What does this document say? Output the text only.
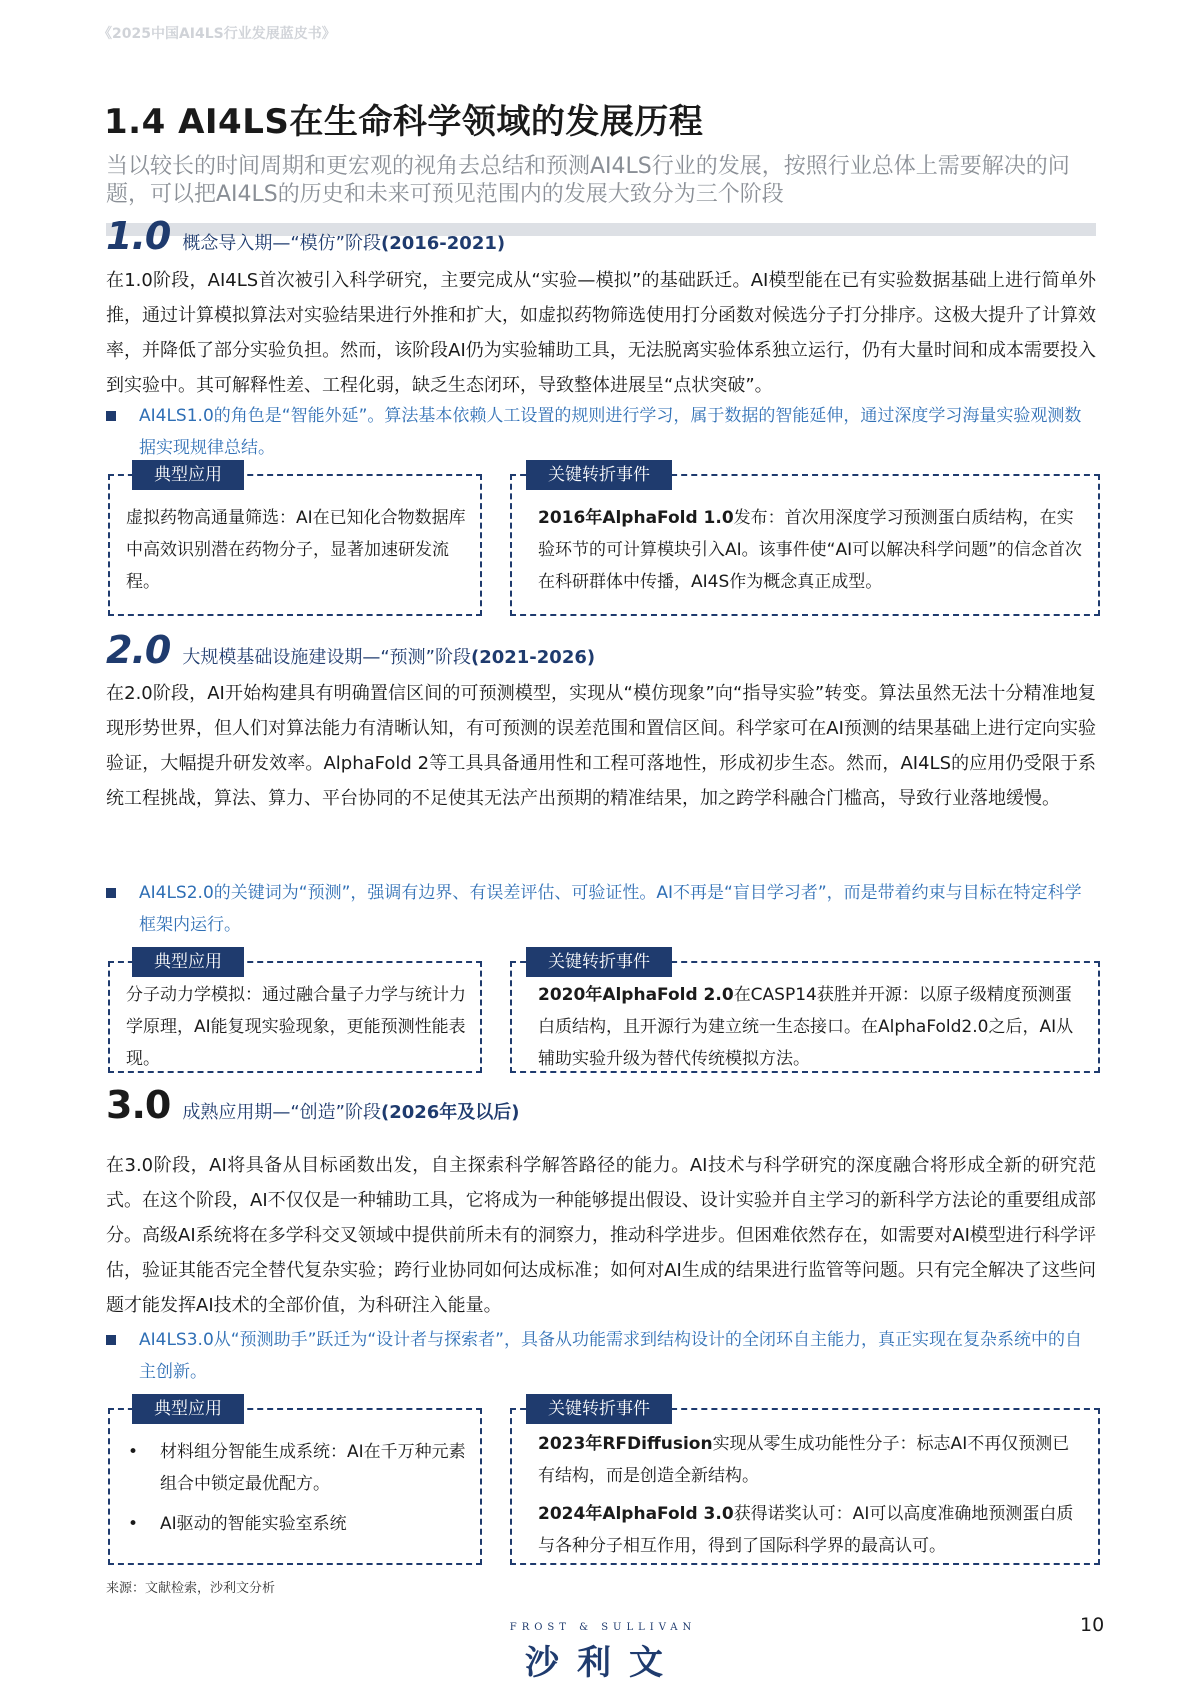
《2025中国AI4LS行业发展蓝皮书》
1.4 AI4LS在生命科学领域的发展历程
当以较长的时间周期和更宏观的视角去总结和预测AI4LS行业的发展，按照行业总体上需要解决的问题，可以把AI4LS的历史和未来可预见范围内的发展大致分为三个阶段
1.0 概念导入期—“模仿”阶段(2016-2021)
在1.0阶段，AI4LS首次被引入科学研究，主要完成从“实验—模拟”的基础跃迁。AI模型能在已有实验数据基础上进行简单外推，通过计算模拟算法对实验结果进行外推和扩大，如虚拟药物筛选使用打分函数对候选分子打分排序。这极大提升了计算效率，并降低了部分实验负担。然而，该阶段AI仍为实验辅助工具，无法脱离实验体系独立运行，仍有大量时间和成本需要投入到实验中。其可解释性差、工程化弱，缺乏生态闭环，导致整体进展呈“点状突破”。
AI4LS1.0的角色是“智能外延”。算法基本依赖人工设置的规则进行学习，属于数据的智能延伸，通过深度学习海量实验观测数据实现规律总结。
典型应用
虚拟药物高通量筛选：AI在已知化合物数据库中高效识别潜在药物分子，显著加速研发流程。
关键转折事件
2016年AlphaFold 1.0发布：首次用深度学习预测蛋白质结构，在实验环节的可计算模块引入AI。该事件使“AI可以解决科学问题”的信念首次在科研群体中传播，AI4S作为概念真正成型。
2.0 大规模基础设施建设期—“预测”阶段(2021-2026)
在2.0阶段，AI开始构建具有明确置信区间的可预测模型，实现从“模仿现象”向“指导实验”转变。算法虽然无法十分精准地复现形势世界，但人们对算法能力有清晰认知，有可预测的误差范围和置信区间。科学家可在AI预测的结果基础上进行定向实验验证，大幅提升研发效率。AlphaFold 2等工具具备通用性和工程可落地性，形成初步生态。然而，AI4LS的应用仍受限于系统工程挑战，算法、算力、平台协同的不足使其无法产出预期的精准结果，加之跨学科融合门槛高，导致行业落地缓慢。
AI4LS2.0的关键词为“预测”，强调有边界、有误差评估、可验证性。AI不再是“盲目学习者”，而是带着约束与目标在特定科学框架内运行。
典型应用
分子动力学模拟：通过融合量子力学与统计力学原理，AI能复现实验现象，更能预测性能表现。
关键转折事件
2020年AlphaFold 2.0在CASP14获胜并开源：以原子级精度预测蛋白质结构，且开源行为建立统一生态接口。在AlphaFold2.0之后，AI从辅助实验升级为替代传统模拟方法。
3.0 成熟应用期—“创造”阶段(2026年及以后)
在3.0阶段，AI将具备从目标函数出发，自主探索科学解答路径的能力。AI技术与科学研究的深度融合将形成全新的研究范式。在这个阶段，AI不仅仅是一种辅助工具，它将成为一种能够提出假设、设计实验并自主学习的新科学方法论的重要组成部分。高级AI系统将在多学科交叉领域中提供前所未有的洞察力，推动科学进步。但困难依然存在，如需要对AI模型进行科学评估，验证其能否完全替代复杂实验；跨行业协同如何达成标准；如何对AI生成的结果进行监管等问题。只有完全解决了这些问题才能发挥AI技术的全部价值，为科研注入能量。
AI4LS3.0从“预测助手”跃迁为“设计者与探索者”，具备从功能需求到结构设计的全闭环自主能力，真正实现在复杂系统中的自主创新。
典型应用
• 材料组分智能生成系统：AI在千万种元素组合中锁定最优配方。
• AI驱动的智能实验室系统
关键转折事件
2023年RFDiffusion实现从零生成功能性分子：标志AI不再仅预测已有结构，而是创造全新结构。
2024年AlphaFold 3.0获得诺奖认可：AI可以高度准确地预测蛋白质与各种分子相互作用，得到了国际科学界的最高认可。
来源：文献检索，沙利文分析
FROST & SULLIVAN
沙利文
10
